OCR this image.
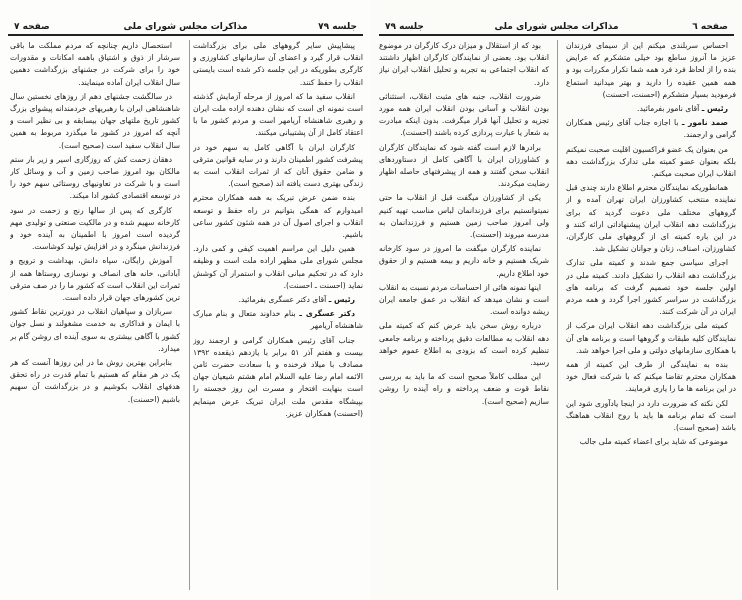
جلسه ۷۹
مذاکرات مجلس شورای ملی
صفحه ۷

پیشاپیش سایر گروههای ملی برای بزرگداشت انقلاب قرار گیرد و اعضای آن سازمانهای کشاورزی و کارگری بطوریکه در این جلسه ذکر شده است بایستی انقلاب را حفظ کنند.

انقلاب سفید ما که امروز از مرحله آزمایش گذشته است نمونه ای است که نشان دهنده اراده ملت ایران و رهبری شاهنشاه آریامهر است و مردم کشور ما با اعتقاد کامل از آن پشتیبانی میکنند.

کارگران ایران با آگاهی کامل به سهم خود در پیشرفت کشور اطمینان دارند و در سایه قوانین مترقی و ضامن حقوق آنان که از ثمرات انقلاب است به زندگی بهتری دست یافته اند (صحیح است).

بنده ضمن عرض تبریک به همه همکاران محترم امیدوارم که همگی بتوانیم در راه حفظ و توسعه انقلاب و اجرای اصول آن در همه شئون کشور ساعی باشیم.

همین دلیل این مراسم اهمیت کیفی و کمی دارد. مجلس شورای ملی مظهر اراده ملت است و وظیفه دارد که در تحکیم مبانی انقلاب و استمرار آن کوشش نماید (احسنت ـ احسنت).

رئیس ـ آقای دکتر عسگری بفرمائید.

دکتر عسگری ـ بنام خداوند متعال و بنام مبارک شاهنشاه آریامهر

جناب آقای رئیس همکاران گرامی و ارجمند روز بیست و هفتم آذر ۵۱ برابر با یازدهم ذیقعده ۱۳۹۲ مصادف با میلاد فرخنده و با سعادت حضرت ثامن الائمه امام رضا علیه السلام امام هشتم شیعیان جهان است بنهایت افتخار و مسرت این روز خجسته را بپیشگاه مقدس ملت ایران تبریک عرض مینمایم (احسنت) همکاران عزیز.

استحصال داریم چنانچه که مردم مملکت ما باقی سرشار از ذوق و اشتیاق باهمه امکانات و مقدورات خود را برای شرکت در جشنهای بزرگداشت دهمین سال انقلاب ایران آماده مینمایند.

در سالگشت جشنهای دهم از روزهای نخستین سال شاهنشاهی ایران با رهبریهای خردمندانه پیشوای بزرگ کشور تاریخ ملتهای جهان بیسابقه و بی نظیر است و آنچه که امروز در کشور ما میگذرد مربوط به همین سال انقلاب سفید است (صحیح است).

دهقان زحمت کش که روزگاری اسیر و زیر بار ستم مالکان بود امروز صاحب زمین و آب و وسائل کار است و با شرکت در تعاونیهای روستائی سهم خود را در توسعه اقتصادی کشور ادا میکند.

کارگری که پس از سالها رنج و زحمت در سود کارخانه سهیم شده و در مالکیت صنعتی و تولیدی مهم گردیده است امروز با اطمینان به آینده خود و فرزندانش مینگرد و در افزایش تولید کوشاست.

آموزش رایگان، سپاه دانش، بهداشت و ترویج و آبادانی، خانه های انصاف و نوسازی روستاها همه از ثمرات این انقلاب است که کشور ما را در صف مترقی ترین کشورهای جهان قرار داده است.

سربازان و سپاهیان انقلاب در دورترین نقاط کشور با ایمان و فداکاری به خدمت مشغولند و نسل جوان کشور با آگاهی بیشتری به سوی آینده ای روشن گام بر میدارد.

بنابراین بهترین روش ما در این روزها آنست که هر یک در هر مقام که هستیم با تمام قدرت در راه تحقق هدفهای انقلاب بکوشیم و در بزرگداشت آن سهیم باشیم (احسنت).

صفحه ٦
مذاکرات مجلس شورای ملی
جلسه ۷۹

احساس سربلندی میکنم این از سیمای فرزندان عزیز ما آنروز ساطع بود خیلی متشکرم که عرایض بنده را از لحاظ فرد فرد همه شما تکرار مکررات بود و همه همین عقیده را دارید و بهتر میدانید استماع فرمودید بسیار متشکرم (احسنت، احسنت)

رئیس ـ آقای نامور بفرمائید.

صمد نامور ـ با اجازه جناب آقای رئیس همکاران گرامی و ارجمند.

من بعنوان یک عضو فراکسیون اقلیت صحبت نمیکنم بلکه بعنوان عضو کمیته ملی تدارک بزرگداشت دهه انقلاب ایران صحبت میکنم.

همانطوریکه نمایندگان محترم اطلاع دارند چندی قبل نماینده منتخب کشاورزان ایران تهران آمده و از گروههای مختلف ملی دعوت گردید که برای بزرگداشت دهه انقلاب ایران پیشنهاداتی ارائه کنند و در این باره کمیته ای از گروههای ملی کارگران، کشاورزان، اصناف، زنان و جوانان تشکیل شد.

اجرای سیاسی جمع شدند و کمیته ملی تدارک بزرگداشت دهه انقلاب را تشکیل دادند. کمیته ملی در اولین جلسه خود تصمیم گرفت که برنامه های بزرگداشت در سراسر کشور اجرا گردد و همه مردم ایران در آن شرکت کنند.

کمیته ملی بزرگداشت دهه انقلاب ایران مرکب از نمایندگان کلیه طبقات و گروهها است و برنامه های آن با همکاری سازمانهای دولتی و ملی اجرا خواهد شد.

بنده به نمایندگی از طرف این کمیته از همه همکاران محترم تقاضا میکنم که با شرکت فعال خود در این برنامه ها ما را یاری فرمایند.

لکن نکته که ضرورت دارد در اینجا یادآوری شود این است که تمام برنامه ها باید با روح انقلاب هماهنگ باشد (صحیح است).

موضوعی که شاید برای اعضاء کمیته ملی جالب

بود که از استقلال و میزان درک کارگران در موضوع انقلاب بود. بعضی از نمایندگان کارگران اظهار داشتند که انقلاب اجتماعی به تجربه و تحلیل انقلاب ایران نیاز دارد.

ضرورت انقلاب، جنبه های مثبت انقلاب، استثنائی بودن انقلاب و آسانی بودن انقلاب ایران همه مورد تجزیه و تحلیل آنها قرار میگرفت. بدون اینکه مبادرت به شعار یا عبارت پردازی کرده باشند (احسنت).

برادرها لازم است گفته شود که نمایندگان کارگران و کشاورزان ایران با آگاهی کامل از دستاوردهای انقلاب سخن گفتند و همه از پیشرفتهای حاصله اظهار رضایت میکردند.

یکی از کشاورزان میگفت قبل از انقلاب ما حتی نمیتوانستیم برای فرزندانمان لباس مناسب تهیه کنیم ولی امروز صاحب زمین هستیم و فرزندانمان به مدرسه میروند (احسنت).

نماینده کارگران میگفت ما امروز در سود کارخانه شریک هستیم و خانه داریم و بیمه هستیم و از حقوق خود اطلاع داریم.

اینها نمونه هائی از احساسات مردم نسبت به انقلاب است و نشان میدهد که انقلاب در عمق جامعه ایران ریشه دوانده است.

درباره روش سخن باید عرض کنم که کمیته ملی دهه انقلاب به مطالعات دقیق پرداخته و برنامه جامعی تنظیم کرده است که بزودی به اطلاع عموم خواهد رسید.

این مطلب کاملاً صحیح است که ما باید به بررسی نقاط قوت و ضعف پرداخته و راه آینده را روشن سازیم (صحیح است).
